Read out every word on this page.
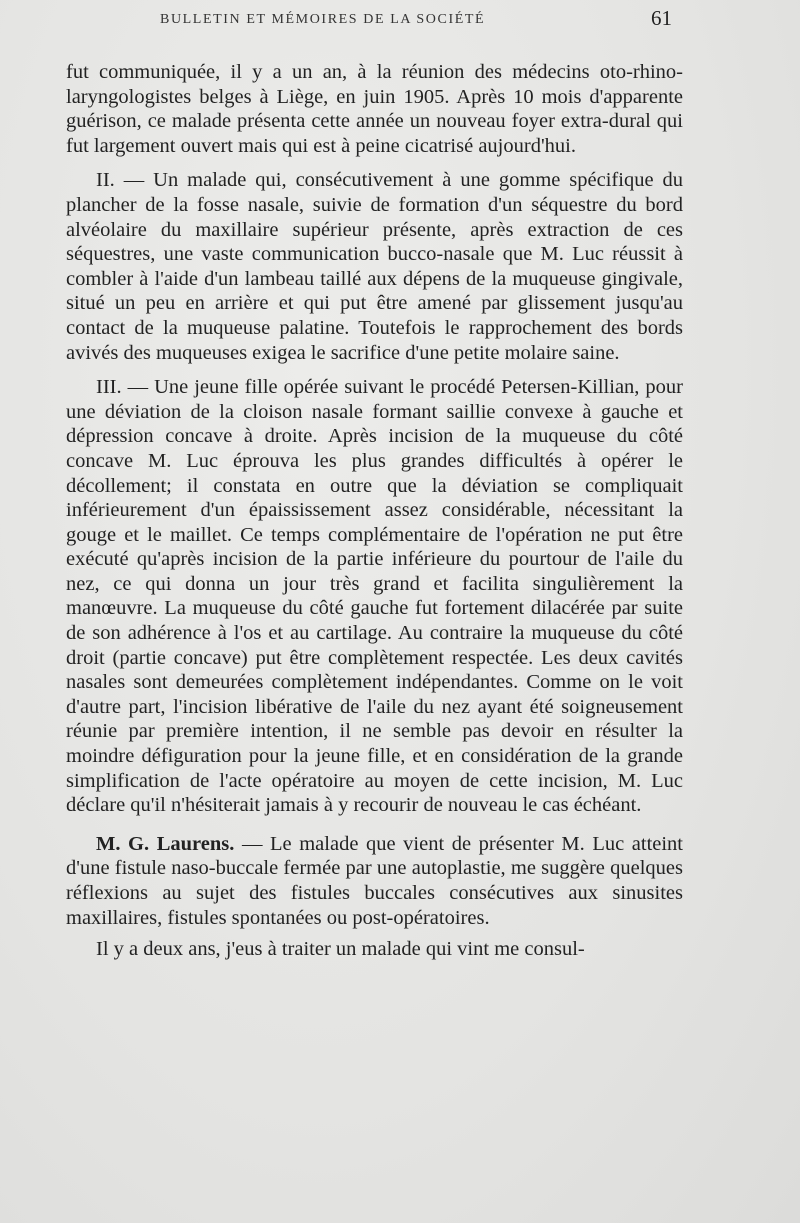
BULLETIN ET MÉMOIRES DE LA SOCIÉTÉ	61

fut communiquée, il y a un an, à la réunion des médecins oto-rhino-laryngologistes belges à Liège, en juin 1905. Après 10 mois d'apparente guérison, ce malade présenta cette année un nouveau foyer extra-dural qui fut largement ouvert mais qui est à peine cicatrisé aujourd'hui.

II. — Un malade qui, consécutivement à une gomme spécifique du plancher de la fosse nasale, suivie de formation d'un séquestre du bord alvéolaire du maxillaire supérieur présente, après extraction de ces séquestres, une vaste communication bucco-nasale que M. Luc réussit à combler à l'aide d'un lambeau taillé aux dépens de la muqueuse gingivale, situé un peu en arrière et qui put être amené par glissement jusqu'au contact de la muqueuse palatine. Toutefois le rapprochement des bords avivés des muqueuses exigea le sacrifice d'une petite molaire saine.

III. — Une jeune fille opérée suivant le procédé Petersen-Killian, pour une déviation de la cloison nasale formant saillie convexe à gauche et dépression concave à droite. Après incision de la muqueuse du côté concave M. Luc éprouva les plus grandes difficultés à opérer le décollement; il constata en outre que la déviation se compliquait inférieurement d'un épaississement assez considérable, nécessitant la gouge et le maillet. Ce temps complémentaire de l'opération ne put être exécuté qu'après incision de la partie inférieure du pourtour de l'aile du nez, ce qui donna un jour très grand et facilita singulièrement la manœuvre. La muqueuse du côté gauche fut fortement dilacérée par suite de son adhérence à l'os et au cartilage. Au contraire la muqueuse du côté droit (partie concave) put être complètement respectée. Les deux cavités nasales sont demeurées complètement indépendantes. Comme on le voit d'autre part, l'incision libérative de l'aile du nez ayant été soigneusement réunie par première intention, il ne semble pas devoir en résulter la moindre défiguration pour la jeune fille, et en considération de la grande simplification de l'acte opératoire au moyen de cette incision, M. Luc déclare qu'il n'hésiterait jamais à y recourir de nouveau le cas échéant.

M. G. Laurens. — Le malade que vient de présenter M. Luc atteint d'une fistule naso-buccale fermée par une autoplastie, me suggère quelques réflexions au sujet des fistules buccales consécutives aux sinusites maxillaires, fistules spontanées ou post-opératoires.

Il y a deux ans, j'eus à traiter un malade qui vint me consul-
